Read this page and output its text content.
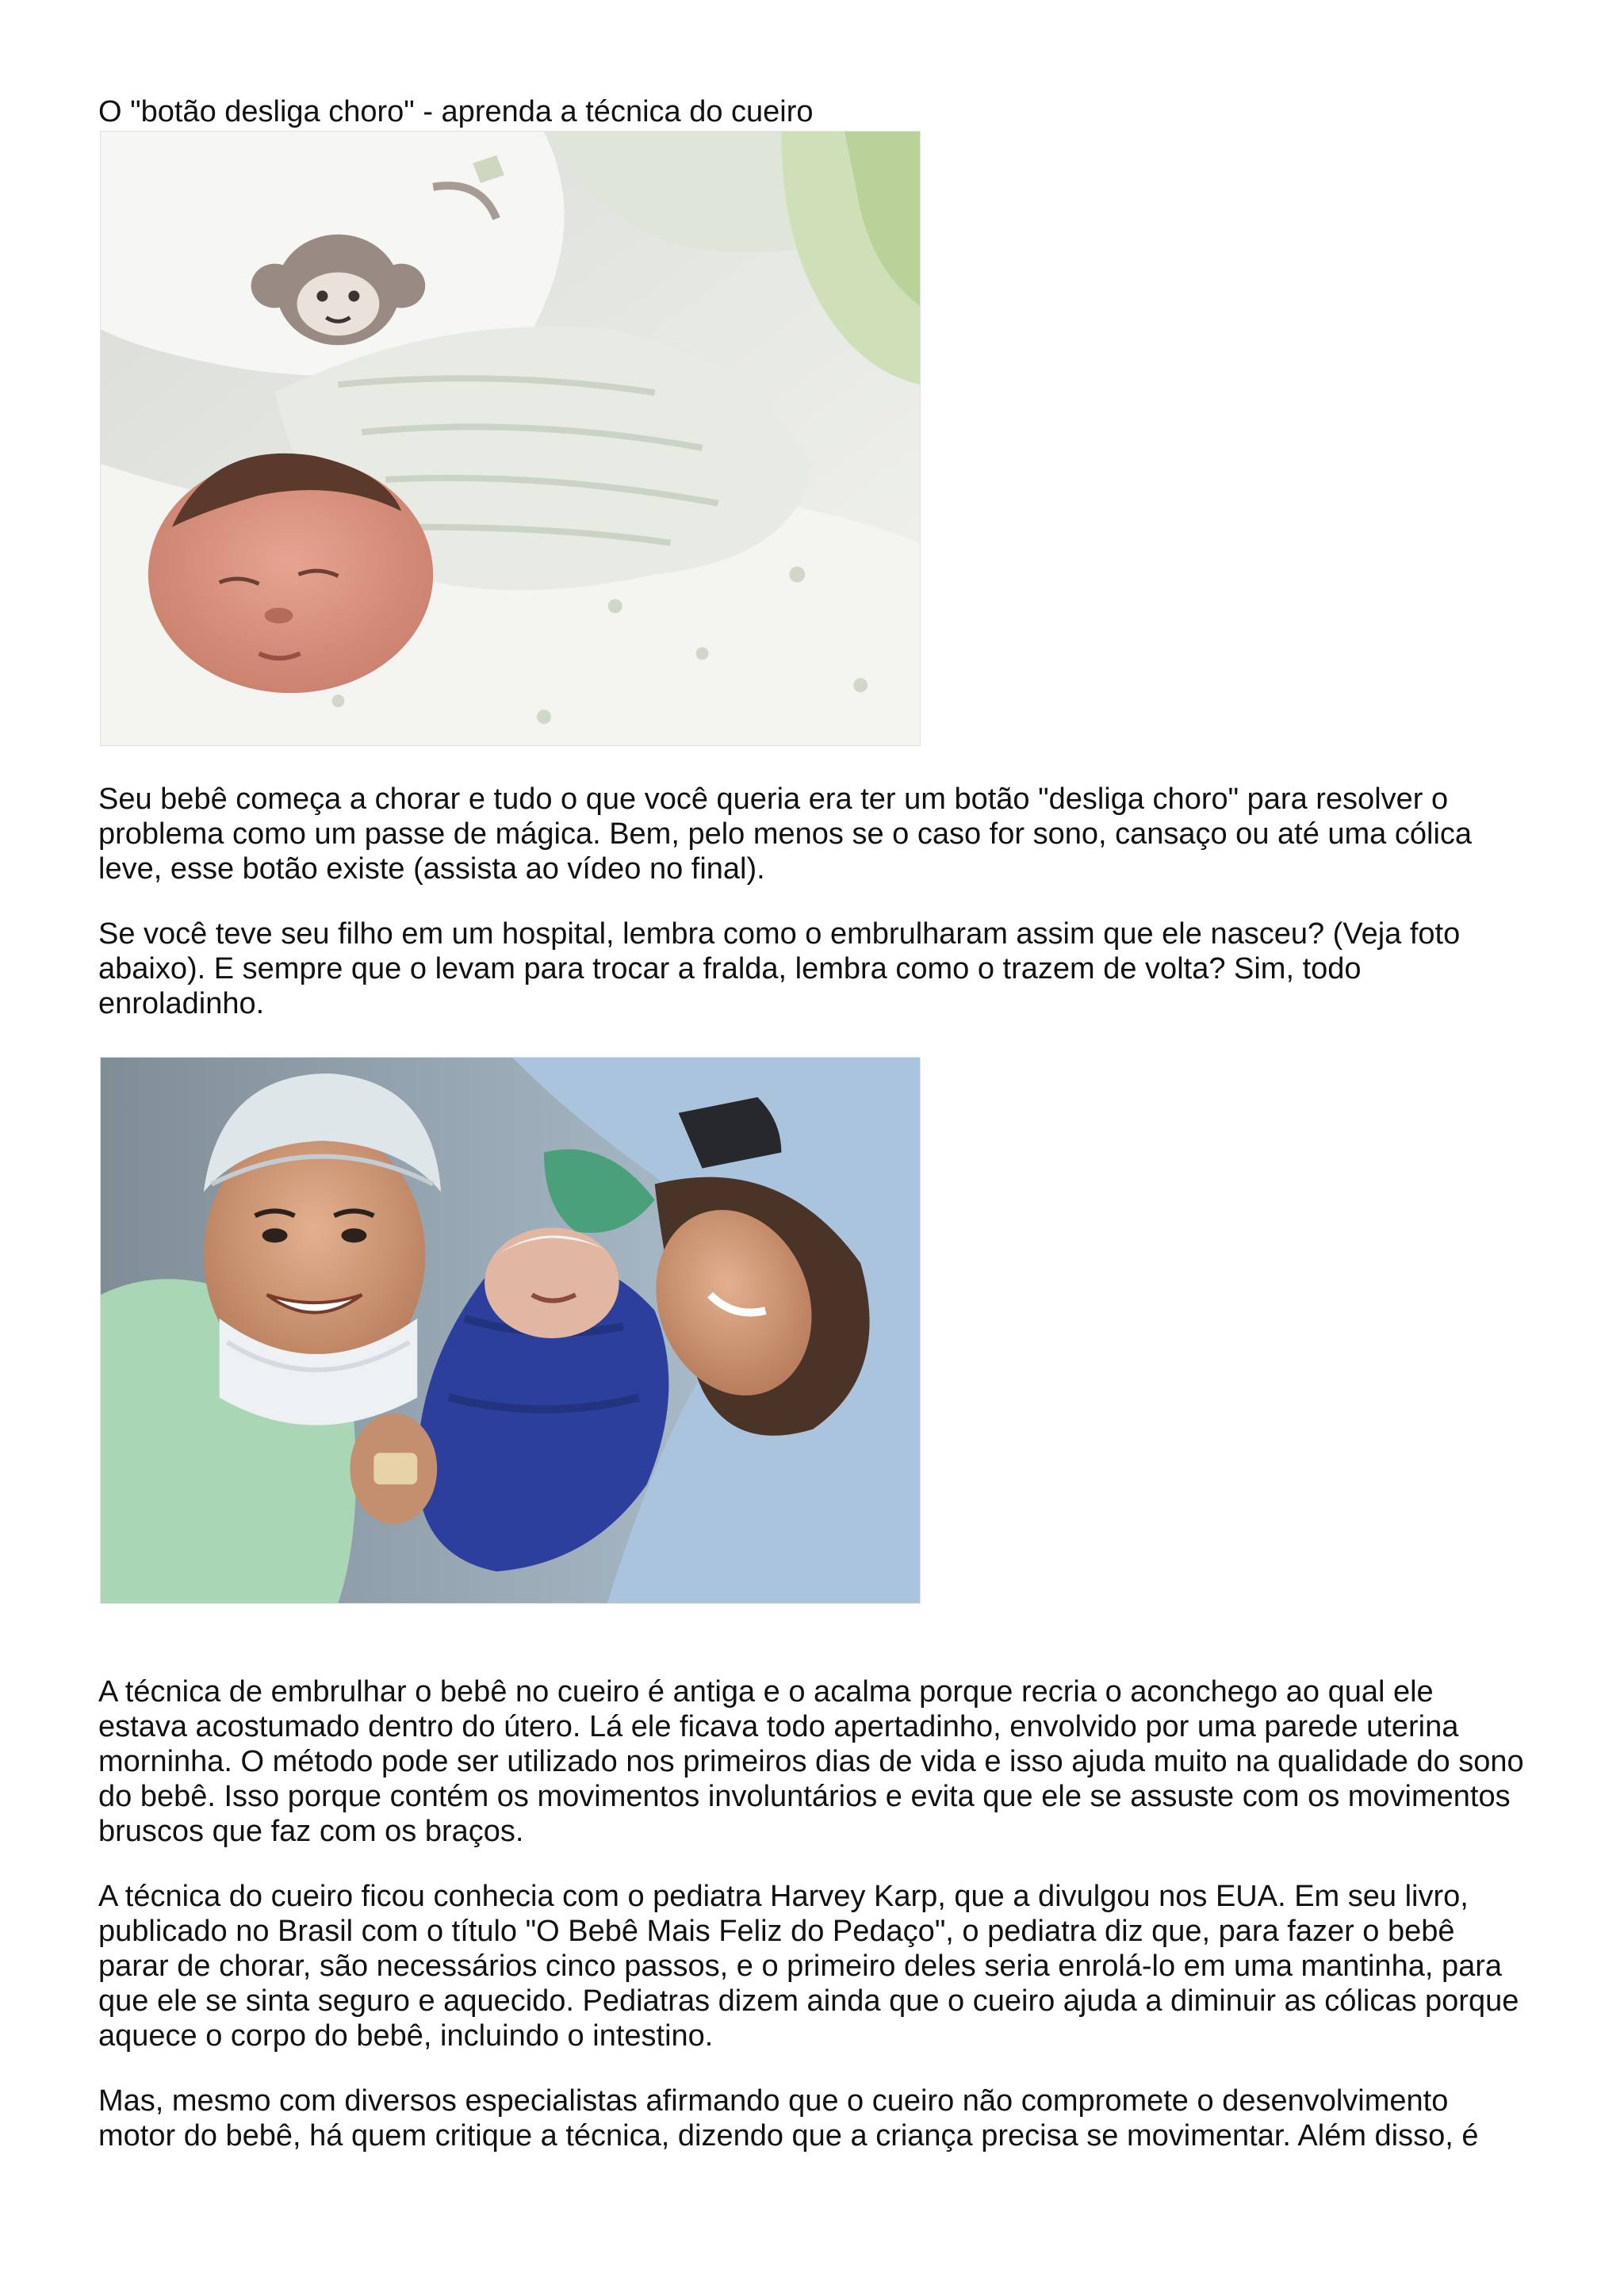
O "botão desliga choro" - aprenda a técnica do cueiro

Seu bebê começa a chorar e tudo o que você queria era ter um botão "desliga choro" para resolver o
problema como um passe de mágica. Bem, pelo menos se o caso for sono, cansaço ou até uma cólica
leve, esse botão existe (assista ao vídeo no final).

Se você teve seu filho em um hospital, lembra como o embrulharam assim que ele nasceu? (Veja foto
abaixo). E sempre que o levam para trocar a fralda, lembra como o trazem de volta? Sim, todo
enroladinho.

A técnica de embrulhar o bebê no cueiro é antiga e o acalma porque recria o aconchego ao qual ele
estava acostumado dentro do útero. Lá ele ficava todo apertadinho, envolvido por uma parede uterina
morninha. O método pode ser utilizado nos primeiros dias de vida e isso ajuda muito na qualidade do sono
do bebê. Isso porque contém os movimentos involuntários e evita que ele se assuste com os movimentos
bruscos que faz com os braços.

A técnica do cueiro ficou conhecia com o pediatra Harvey Karp, que a divulgou nos EUA. Em seu livro,
publicado no Brasil com o título "O Bebê Mais Feliz do Pedaço", o pediatra diz que, para fazer o bebê
parar de chorar, são necessários cinco passos, e o primeiro deles seria enrolá-lo em uma mantinha, para
que ele se sinta seguro e aquecido. Pediatras dizem ainda que o cueiro ajuda a diminuir as cólicas porque
aquece o corpo do bebê, incluindo o intestino.

Mas, mesmo com diversos especialistas afirmando que o cueiro não compromete o desenvolvimento
motor do bebê, há quem critique a técnica, dizendo que a criança precisa se movimentar. Além disso, é
